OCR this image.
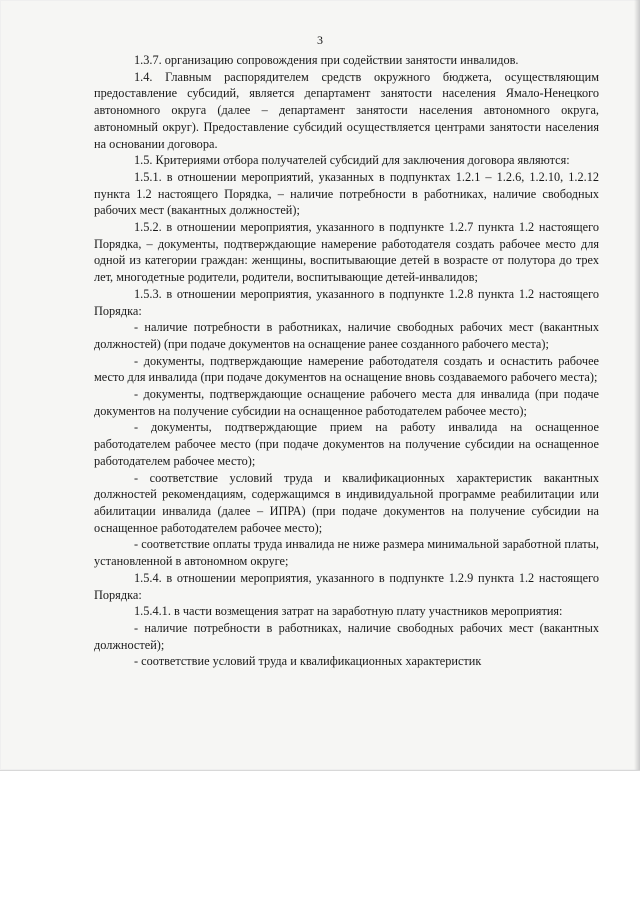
3

1.3.7. организацию сопровождения при содействии занятости инвалидов.

1.4. Главным распорядителем средств окружного бюджета, осуществляющим предоставление субсидий, является департамент занятости населения Ямало-Ненецкого автономного округа (далее – департамент занятости населения автономного округа, автономный округ). Предоставление субсидий осуществляется центрами занятости населения на основании договора.

1.5. Критериями отбора получателей субсидий для заключения договора являются:

1.5.1. в отношении мероприятий, указанных в подпунктах 1.2.1 – 1.2.6, 1.2.10, 1.2.12 пункта 1.2 настоящего Порядка, – наличие потребности в работниках, наличие свободных рабочих мест (вакантных должностей);

1.5.2. в отношении мероприятия, указанного в подпункте 1.2.7 пункта 1.2 настоящего Порядка, – документы, подтверждающие намерение работодателя создать рабочее место для одной из категории граждан: женщины, воспитывающие детей в возрасте от полутора до трех лет, многодетные родители, родители, воспитывающие детей-инвалидов;

1.5.3. в отношении мероприятия, указанного в подпункте 1.2.8 пункта 1.2 настоящего Порядка:

- наличие потребности в работниках, наличие свободных рабочих мест (вакантных должностей) (при подаче документов на оснащение ранее созданного рабочего места);

- документы, подтверждающие намерение работодателя создать и оснастить рабочее место для инвалида (при подаче документов на оснащение вновь создаваемого рабочего места);

- документы, подтверждающие оснащение рабочего места для инвалида (при подаче документов на получение субсидии на оснащенное работодателем рабочее место);

- документы, подтверждающие прием на работу инвалида на оснащенное работодателем рабочее место (при подаче документов на получение субсидии на оснащенное работодателем рабочее место);

- соответствие условий труда и квалификационных характеристик вакантных должностей рекомендациям, содержащимся в индивидуальной программе реабилитации или абилитации инвалида (далее – ИПРА) (при подаче документов на получение субсидии на оснащенное работодателем рабочее место);

- соответствие оплаты труда инвалида не ниже размера минимальной заработной платы, установленной в автономном округе;

1.5.4. в отношении мероприятия, указанного в подпункте 1.2.9 пункта 1.2 настоящего Порядка:

1.5.4.1. в части возмещения затрат на заработную плату участников мероприятия:

- наличие потребности в работниках, наличие свободных рабочих мест (вакантных должностей);

- соответствие условий труда и квалификационных характеристик
